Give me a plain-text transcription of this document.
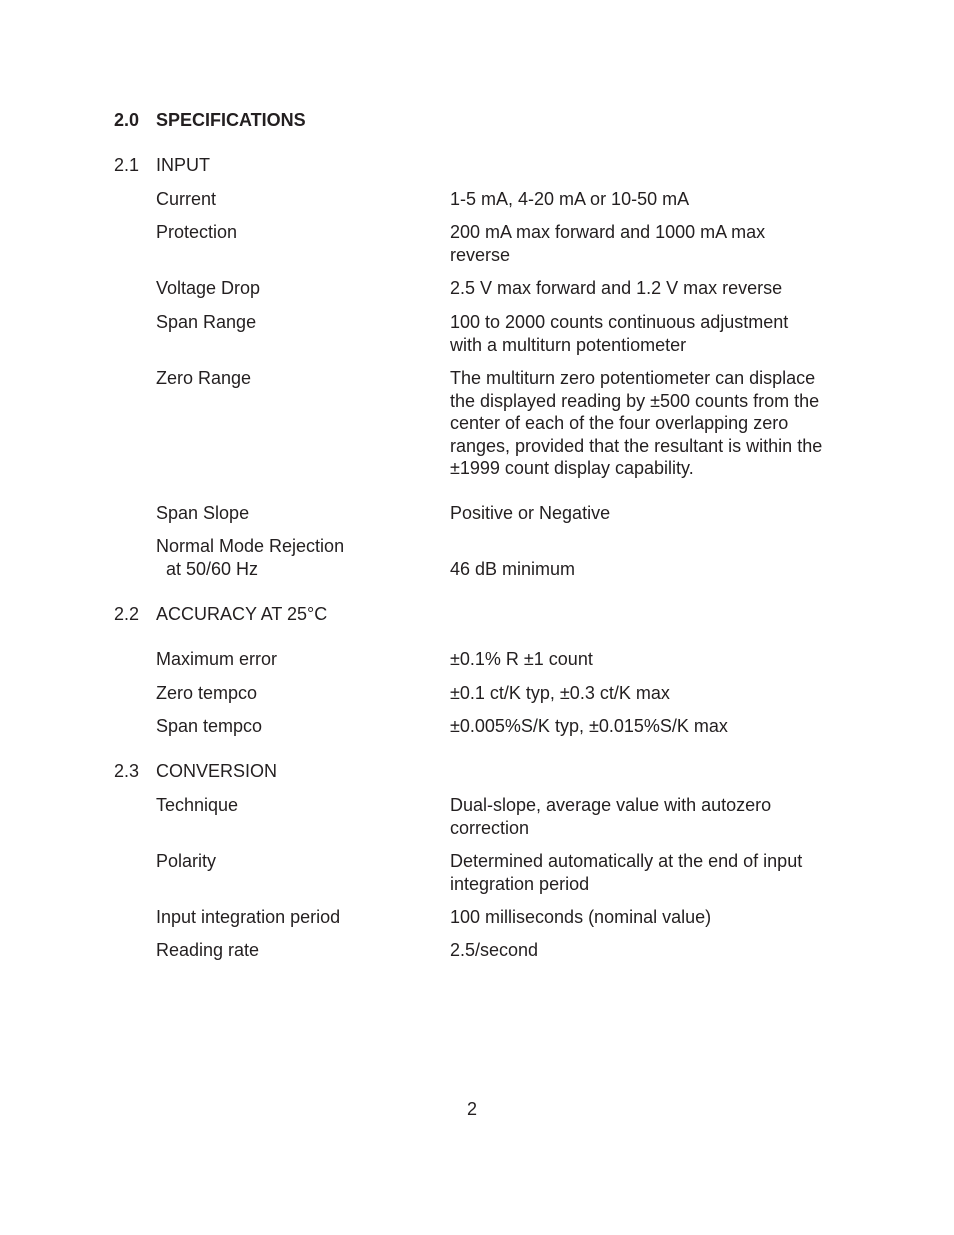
2.0 SPECIFICATIONS
2.1 INPUT
Current	1-5 mA, 4-20 mA or 10-50 mA
Protection	200 mA max forward and 1000 mA max reverse
Voltage Drop	2.5 V max forward and 1.2 V max reverse
Span Range	100 to 2000 counts continuous adjustment with a multiturn potentiometer
Zero Range	The multiturn zero potentiometer can displace the displayed reading by ±500 counts from the center of each of the four overlapping zero ranges, provided that the resultant is within the ±1999 count display capability.
Span Slope	Positive or Negative
Normal Mode Rejection
at 50/60 Hz	46 dB minimum
2.2 ACCURACY AT 25°C
Maximum error	±0.1% R ±1 count
Zero tempco	±0.1 ct/K typ, ±0.3 ct/K max
Span tempco	±0.005%S/K typ, ±0.015%S/K max
2.3 CONVERSION
Technique	Dual-slope, average value with autozero correction
Polarity	Determined automatically at the end of input integration period
Input integration period	100 milliseconds (nominal value)
Reading rate	2.5/second
2
